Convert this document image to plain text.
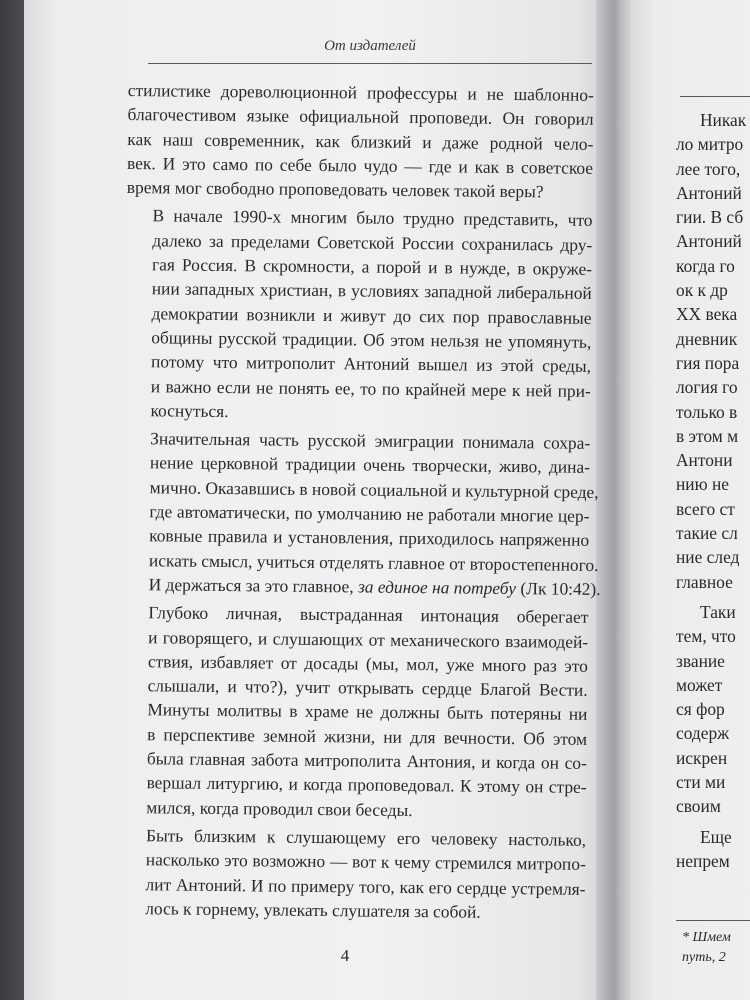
От издателей

стилистике дореволюционной профессуры и не шаблонно-
благочестивом языке официальной проповеди. Он говорил
как наш современник, как близкий и даже родной чело-
век. И это само по себе было чудо — где и как в советское
время мог свободно проповедовать человек такой веры?

В начале 1990-х многим было трудно представить, что
далеко за пределами Советской России сохранилась дру-
гая Россия. В скромности, а порой и в нужде, в окруже-
нии западных христиан, в условиях западной либеральной
демократии возникли и живут до сих пор православные
общины русской традиции. Об этом нельзя не упомянуть,
потому что митрополит Антоний вышел из этой среды,
и важно если не понять ее, то по крайней мере к ней при-
коснуться.

Значительная часть русской эмиграции понимала сохра-
нение церковной традиции очень творчески, живо, дина-
мично. Оказавшись в новой социальной и культурной среде,
где автоматически, по умолчанию не работали многие цер-
ковные правила и установления, приходилось напряженно
искать смысл, учиться отделять главное от второстепенного.
И держаться за это главное, за единое на потребу (Лк 10:42).

Глубоко личная, выстраданная интонация оберегает
и говорящего, и слушающих от механического взаимодей-
ствия, избавляет от досады (мы, мол, уже много раз это
слышали, и что?), учит открывать сердце Благой Вести.
Минуты молитвы в храме не должны быть потеряны ни
в перспективе земной жизни, ни для вечности. Об этом
была главная забота митрополита Антония, и когда он со-
вершал литургию, и когда проповедовал. К этому он стре-
мился, когда проводил свои беседы.

Быть близким к слушающему его человеку настолько,
насколько это возможно — вот к чему стремился митропо-
лит Антоний. И по примеру того, как его сердце устремля-
лось к горнему, увлекать слушателя за собой.

4
Никак
ло митро
лее того,
Антоний
гии. В сб
Антоний
когда го
ок к др
XX века
дневник
гия пора
логия го
только в
в этом м
Антони
нию не
всего ст
такие сл
ние след
главное
Таки
тем, что
звание
может
ся фор
содерж
искрен
сти ми
своим
Еще
непрем
* Шмем
путь, 2
